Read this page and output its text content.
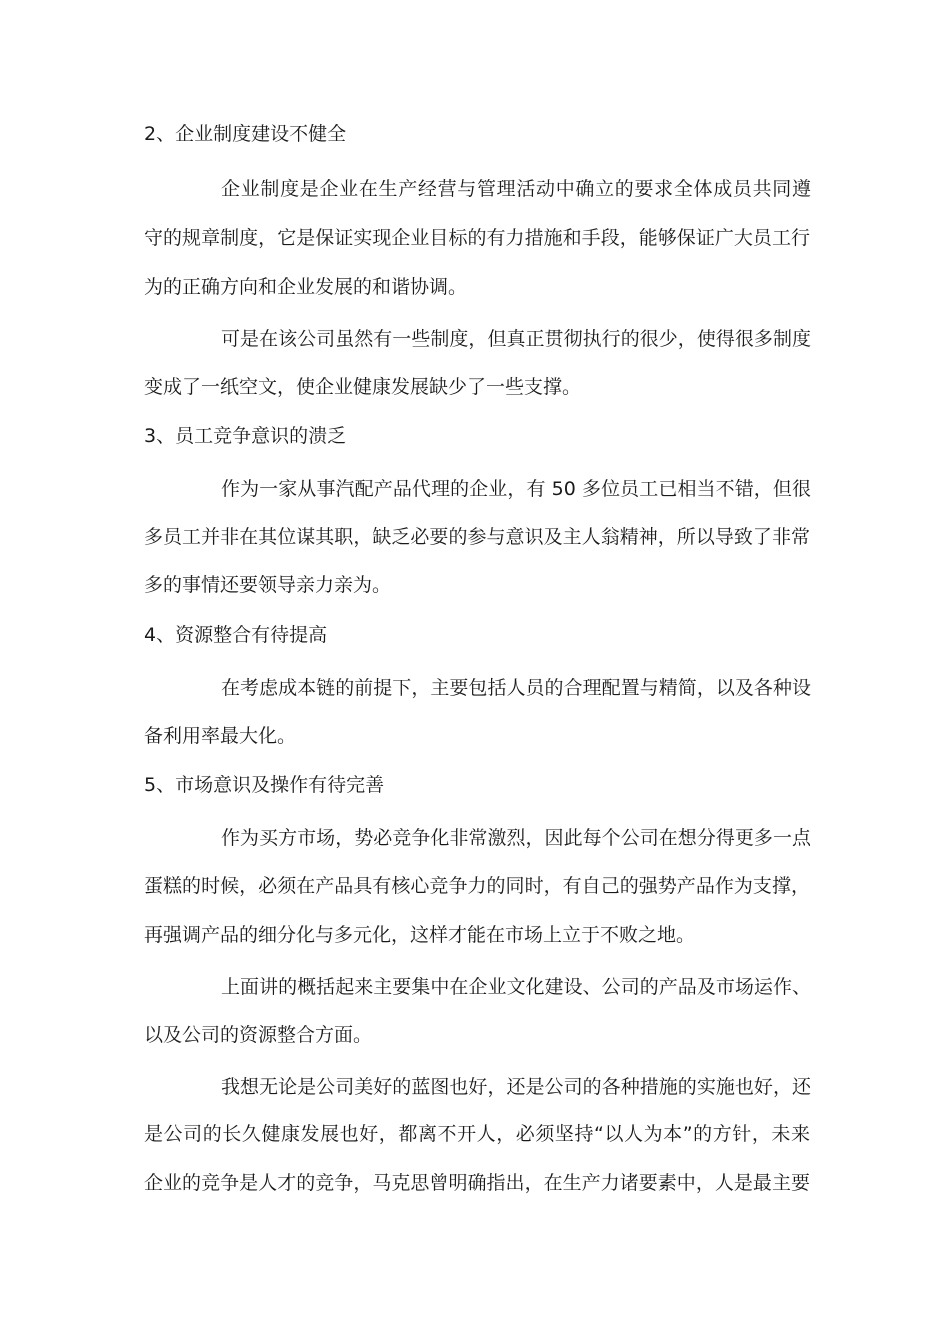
2、企业制度建设不健全
企业制度是企业在生产经营与管理活动中确立的要求全体成员共同遵
守的规章制度，它是保证实现企业目标的有力措施和手段，能够保证广大员工行
为的正确方向和企业发展的和谐协调。
可是在该公司虽然有一些制度，但真正贯彻执行的很少，使得很多制度
变成了一纸空文，使企业健康发展缺少了一些支撑。
3、员工竞争意识的溃乏
作为一家从事汽配产品代理的企业，有 50 多位员工已相当不错，但很
多员工并非在其位谋其职，缺乏必要的参与意识及主人翁精神，所以导致了非常
多的事情还要领导亲力亲为。
4、资源整合有待提高
在考虑成本链的前提下，主要包括人员的合理配置与精简，以及各种设
备利用率最大化。
5、市场意识及操作有待完善
作为买方市场，势必竞争化非常激烈，因此每个公司在想分得更多一点
蛋糕的时候，必须在产品具有核心竞争力的同时，有自己的强势产品作为支撑，
再强调产品的细分化与多元化，这样才能在市场上立于不败之地。
上面讲的概括起来主要集中在企业文化建设、公司的产品及市场运作、
以及公司的资源整合方面。
我想无论是公司美好的蓝图也好，还是公司的各种措施的实施也好，还
是公司的长久健康发展也好，都离不开人，必须坚持“以人为本”的方针，未来
企业的竞争是人才的竞争，马克思曾明确指出，在生产力诸要素中，人是最主要
